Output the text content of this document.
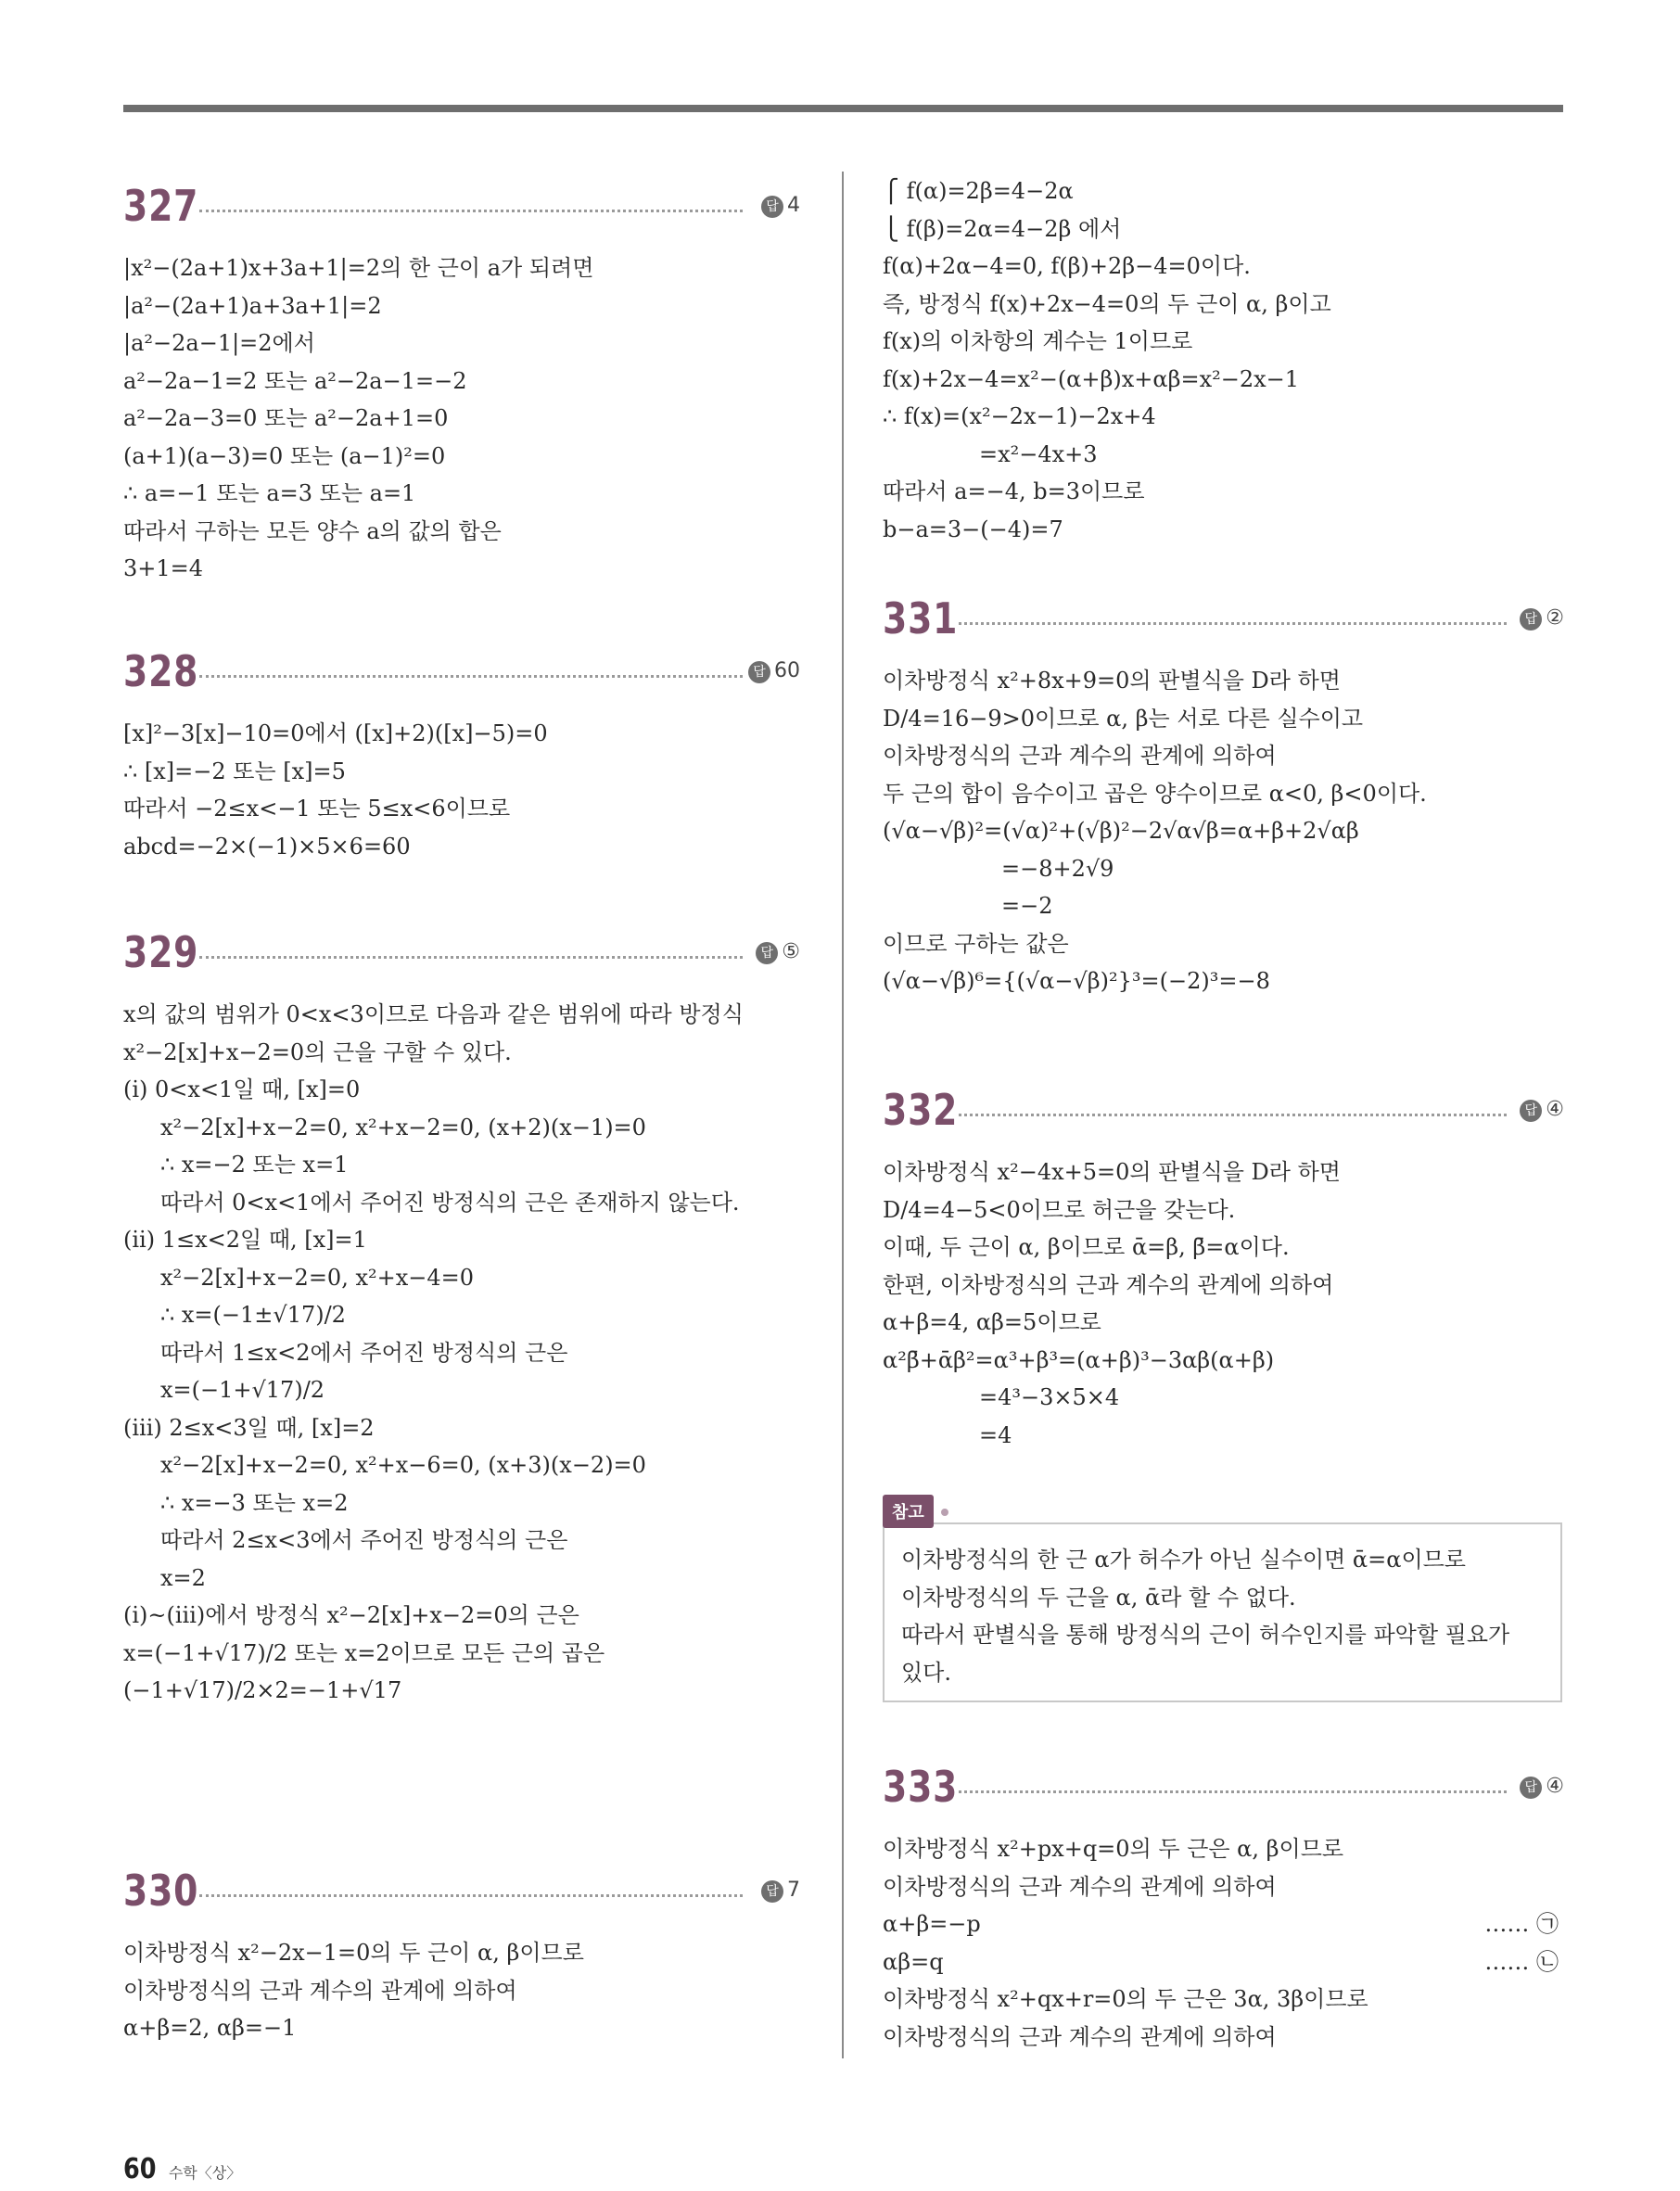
327	답 4
|x²−(2a+1)x+3a+1|=2의 한 근이 a가 되려면
|a²−(2a+1)a+3a+1|=2
|a²−2a−1|=2에서
a²−2a−1=2 또는 a²−2a−1=−2
a²−2a−3=0 또는 a²−2a+1=0
(a+1)(a−3)=0 또는 (a−1)²=0
∴ a=−1 또는 a=3 또는 a=1
따라서 구하는 모든 양수 a의 값의 합은
3+1=4
328	답 60
[x]²−3[x]−10=0에서 ([x]+2)([x]−5)=0
∴ [x]=−2 또는 [x]=5
따라서 −2≤x<−1 또는 5≤x<6이므로
abcd=−2×(−1)×5×6=60
329	답 ⑤
x의 값의 범위가 0<x<3이므로 다음과 같은 범위에 따라 방정식
x²−2[x]+x−2=0의 근을 구할 수 있다.
(ⅰ) 0<x<1일 때, [x]=0
x²−2[x]+x−2=0, x²+x−2=0, (x+2)(x−1)=0
∴ x=−2 또는 x=1
따라서 0<x<1에서 주어진 방정식의 근은 존재하지 않는다.
(ⅱ) 1≤x<2일 때, [x]=1
x²−2[x]+x−2=0, x²+x−4=0
∴ x=(−1±√17)/2
따라서 1≤x<2에서 주어진 방정식의 근은
x=(−1+√17)/2
(ⅲ) 2≤x<3일 때, [x]=2
x²−2[x]+x−2=0, x²+x−6=0, (x+3)(x−2)=0
∴ x=−3 또는 x=2
따라서 2≤x<3에서 주어진 방정식의 근은
x=2
(ⅰ)~(ⅲ)에서 방정식 x²−2[x]+x−2=0의 근은
x=(−1+√17)/2 또는 x=2이므로 모든 근의 곱은
(−1+√17)/2×2=−1+√17
330	답 7
이차방정식 x²−2x−1=0의 두 근이 α, β이므로
이차방정식의 근과 계수의 관계에 의하여
α+β=2, αβ=−1
⎧ f(α)=2β=4−2α
⎩ f(β)=2α=4−2β 에서
f(α)+2α−4=0, f(β)+2β−4=0이다.
즉, 방정식 f(x)+2x−4=0의 두 근이 α, β이고
f(x)의 이차항의 계수는 1이므로
f(x)+2x−4=x²−(α+β)x+αβ=x²−2x−1
∴ f(x)=(x²−2x−1)−2x+4
=x²−4x+3
따라서 a=−4, b=3이므로
b−a=3−(−4)=7
331	답 ②
이차방정식 x²+8x+9=0의 판별식을 D라 하면
D/4=16−9>0이므로 α, β는 서로 다른 실수이고
이차방정식의 근과 계수의 관계에 의하여
두 근의 합이 음수이고 곱은 양수이므로 α<0, β<0이다.
(√α−√β)²=(√α)²+(√β)²−2√α√β=α+β+2√αβ
=−8+2√9
=−2
이므로 구하는 값은
(√α−√β)⁶={(√α−√β)²}³=(−2)³=−8
332	답 ④
이차방정식 x²−4x+5=0의 판별식을 D라 하면
D/4=4−5<0이므로 허근을 갖는다.
이때, 두 근이 α, β이므로 ᾱ=β, β̄=α이다.
한편, 이차방정식의 근과 계수의 관계에 의하여
α+β=4, αβ=5이므로
α²β̄+ᾱβ²=α³+β³=(α+β)³−3αβ(α+β)
=4³−3×5×4
=4
참고
이차방정식의 한 근 α가 허수가 아닌 실수이면 ᾱ=α이므로
이차방정식의 두 근을 α, ᾱ라 할 수 없다.
따라서 판별식을 통해 방정식의 근이 허수인지를 파악할 필요가
있다.
333	답 ④
이차방정식 x²+px+q=0의 두 근은 α, β이므로
이차방정식의 근과 계수의 관계에 의하여
α+β=−p	…… ㉠
αβ=q	…… ㉡
이차방정식 x²+qx+r=0의 두 근은 3α, 3β이므로
이차방정식의 근과 계수의 관계에 의하여
60 수학〈상〉
